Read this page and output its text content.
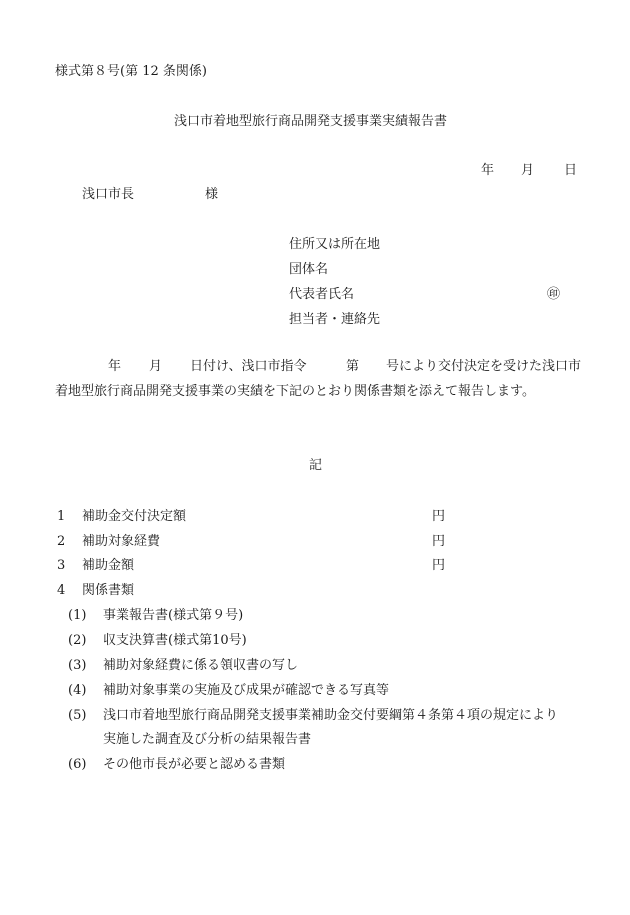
様式第８号(第 12 条関係)
浅口市着地型旅行商品開発支援事業実績報告書
年 月 日
浅口市長	様
住所又は所在地
団体名
代表者氏名	㊞
担当者・連絡先
年 月 日付け、浅口市指令	第 号により交付決定を受けた浅口市
着地型旅行商品開発支援事業の実績を下記のとおり関係書類を添えて報告します。
記
1 補助金交付決定額	円
2 補助対象経費	円
3 補助金額	円
4 関係書類
(1) 事業報告書(様式第９号)
(2) 収支決算書(様式第10号)
(3) 補助対象経費に係る領収書の写し
(4) 補助対象事業の実施及び成果が確認できる写真等
(5) 浅口市着地型旅行商品開発支援事業補助金交付要綱第４条第４項の規定により
実施した調査及び分析の結果報告書
(6) その他市長が必要と認める書類
